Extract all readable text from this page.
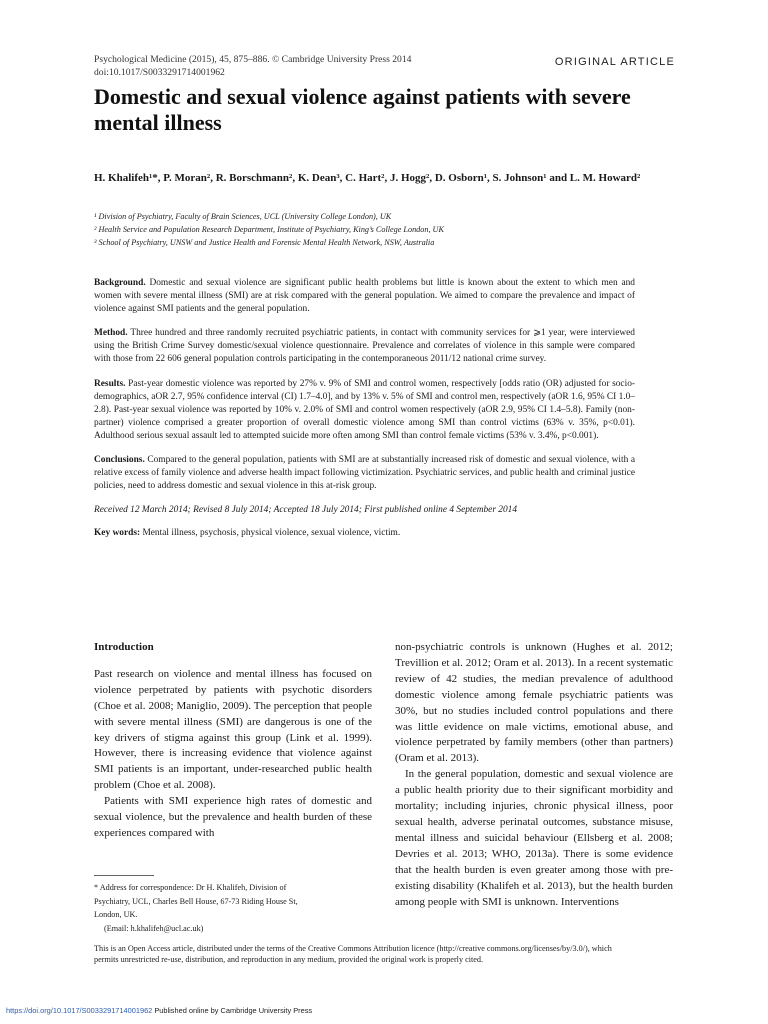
Psychological Medicine (2015), 45, 875–886. © Cambridge University Press 2014
doi:10.1017/S0033291714001962
ORIGINAL ARTICLE
Domestic and sexual violence against patients with severe mental illness
H. Khalifeh¹*, P. Moran², R. Borschmann², K. Dean³, C. Hart², J. Hogg², D. Osborn¹, S. Johnson¹ and L. M. Howard²
¹ Division of Psychiatry, Faculty of Brain Sciences, UCL (University College London), UK
² Health Service and Population Research Department, Institute of Psychiatry, King’s College London, UK
³ School of Psychiatry, UNSW and Justice Health and Forensic Mental Health Network, NSW, Australia

Background. Domestic and sexual violence are significant public health problems but little is known about the extent to which men and women with severe mental illness (SMI) are at risk compared with the general population. We aimed to compare the prevalence and impact of violence against SMI patients and the general population.

Method. Three hundred and three randomly recruited psychiatric patients, in contact with community services for ⩾1 year, were interviewed using the British Crime Survey domestic/sexual violence questionnaire. Prevalence and correlates of violence in this sample were compared with those from 22 606 general population controls participating in the contemporaneous 2011/12 national crime survey.

Results. Past-year domestic violence was reported by 27% v. 9% of SMI and control women, respectively [odds ratio (OR) adjusted for socio-demographics, aOR 2.7, 95% confidence interval (CI) 1.7–4.0], and by 13% v. 5% of SMI and control men, respectively (aOR 1.6, 95% CI 1.0–2.8). Past-year sexual violence was reported by 10% v. 2.0% of SMI and control women respectively (aOR 2.9, 95% CI 1.4–5.8). Family (non-partner) violence comprised a greater proportion of overall domestic violence among SMI than control victims (63% v. 35%, p<0.01). Adulthood serious sexual assault led to attempted suicide more often among SMI than control female victims (53% v. 3.4%, p<0.001).

Conclusions. Compared to the general population, patients with SMI are at substantially increased risk of domestic and sexual violence, with a relative excess of family violence and adverse health impact following victimization. Psychiatric services, and public health and criminal justice policies, need to address domestic and sexual violence in this at-risk group.

Received 12 March 2014; Revised 8 July 2014; Accepted 18 July 2014; First published online 4 September 2014

Key words: Mental illness, psychosis, physical violence, sexual violence, victim.

Introduction

Past research on violence and mental illness has focused on violence perpetrated by patients with psychotic disorders (Choe et al. 2008; Maniglio, 2009). The perception that people with severe mental illness (SMI) are dangerous is one of the key drivers of stigma against this group (Link et al. 1999). However, there is increasing evidence that violence against SMI patients is an important, under-researched public health problem (Choe et al. 2008).

Patients with SMI experience high rates of domestic and sexual violence, but the prevalence and health burden of these experiences compared with

non-psychiatric controls is unknown (Hughes et al. 2012; Trevillion et al. 2012; Oram et al. 2013). In a recent systematic review of 42 studies, the median prevalence of adulthood domestic violence among female psychiatric patients was 30%, but no studies included control populations and there was little evidence on male victims, emotional abuse, and violence perpetrated by family members (other than partners) (Oram et al. 2013).

In the general population, domestic and sexual violence are a public health priority due to their significant morbidity and mortality; including injuries, chronic physical illness, poor sexual health, adverse perinatal outcomes, substance misuse, mental illness and suicidal behaviour (Ellsberg et al. 2008; Devries et al. 2013; WHO, 2013a). There is some evidence that the health burden is even greater among those with pre-existing disability (Khalifeh et al. 2013), but the health burden among people with SMI is unknown. Interventions

* Address for correspondence: Dr H. Khalifeh, Division of

Psychiatry, UCL, Charles Bell House, 67-73 Riding House St,

London, UK.

(Email: h.khalifeh@ucl.ac.uk)

This is an Open Access article, distributed under the terms of the Creative Commons Attribution licence (http://creative commons.org/licenses/by/3.0/), which permits unrestricted re-use, distribution, and reproduction in any medium, provided the original work is properly cited.
https://doi.org/10.1017/S0033291714001962 Published online by Cambridge University Press
